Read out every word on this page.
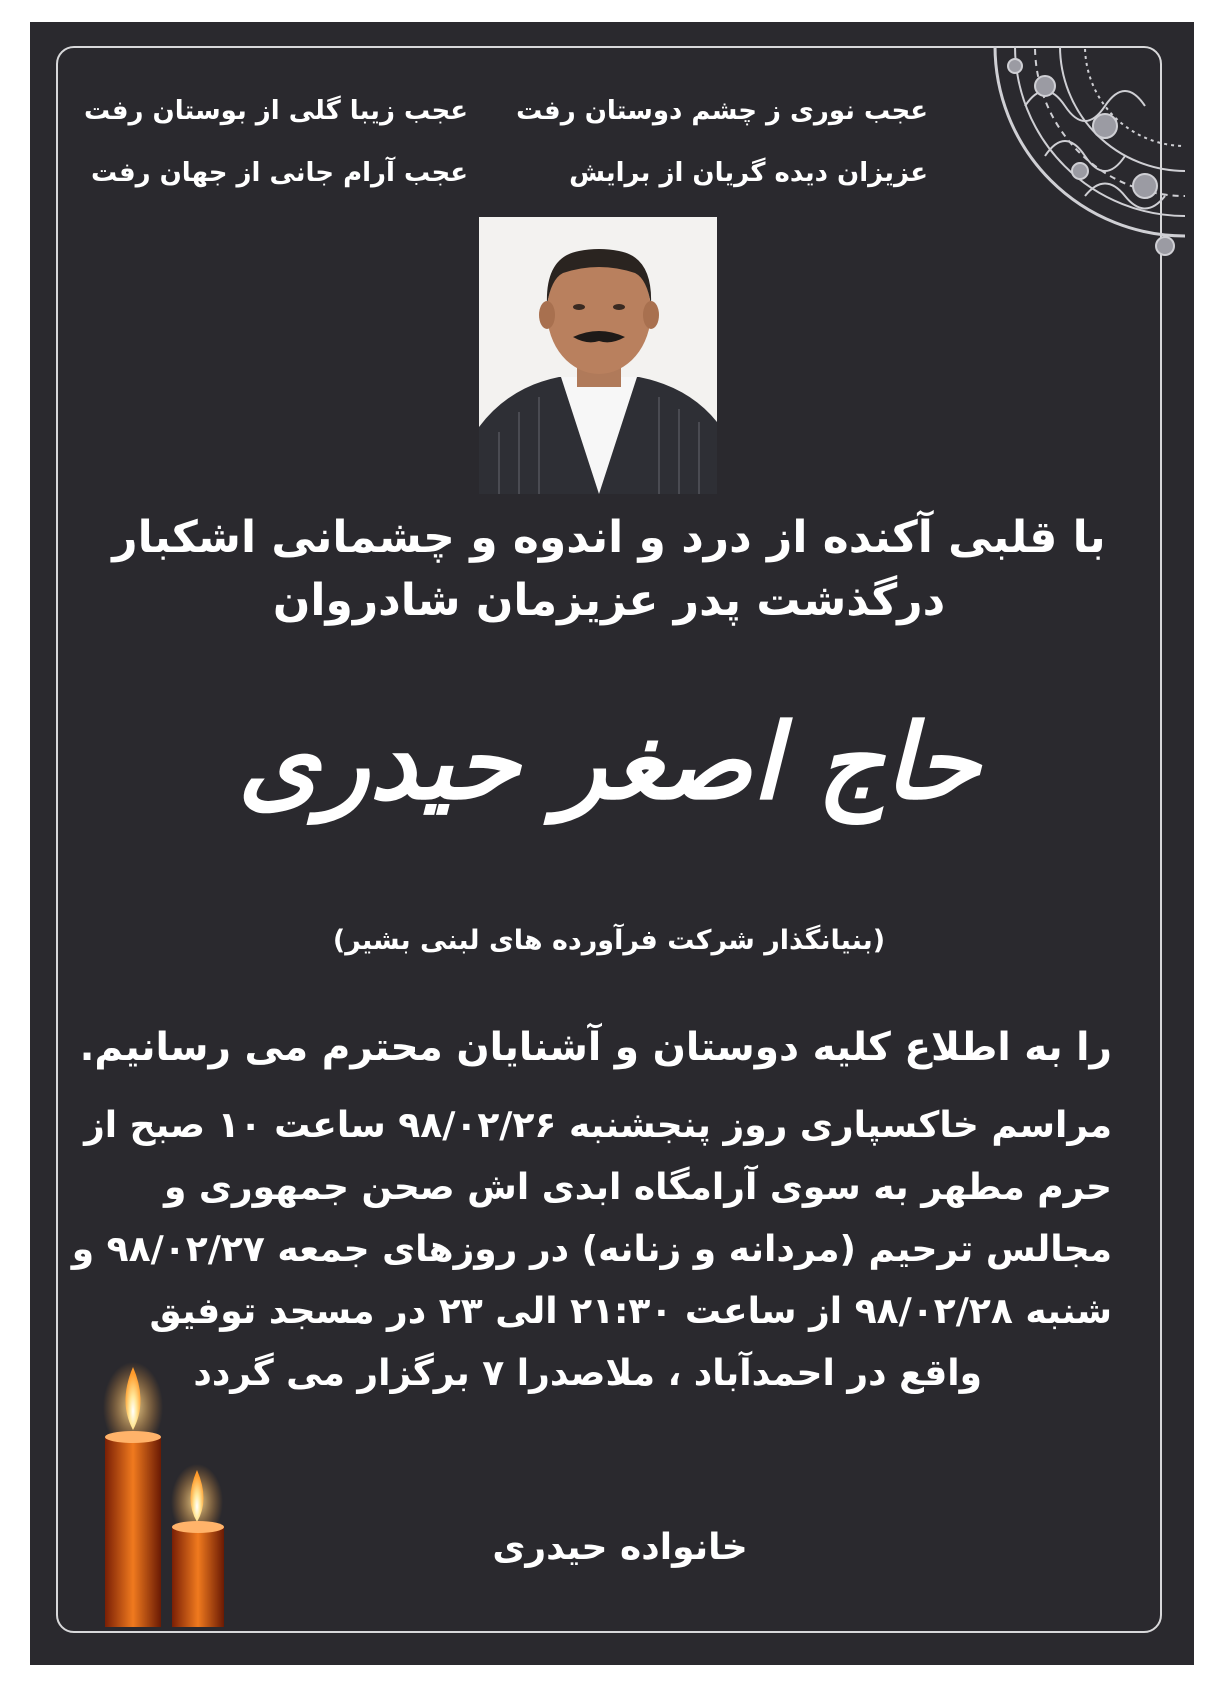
عجب نوری ز چشم دوستان رفت
عزیزان دیده گریان از برایش
عجب زیبا گلی از بوستان رفت
عجب آرام جانی از جهان رفت
با قلبی آکنده از درد و اندوه و چشمانی اشکبار
درگذشت پدر عزیزمان شادروان
حاج اصغر حیدری
(بنیانگذار شرکت فرآورده های لبنی بشیر)
را به اطلاع کلیه دوستان و آشنایان محترم می رسانیم.
مراسم خاکسپاری روز پنجشنبه ۹۸/۰۲/۲۶ ساعت ۱۰ صبح از
حرم مطهر به سوی آرامگاه ابدی اش صحن جمهوری و
مجالس ترحیم (مردانه و زنانه) در روزهای جمعه ۹۸/۰۲/۲۷ و
شنبه ۹۸/۰۲/۲۸ از ساعت ۲۱:۳۰ الی ۲۳ در مسجد توفیق
واقع در احمدآباد ، ملاصدرا ۷ برگزار می گردد
خانواده حیدری
